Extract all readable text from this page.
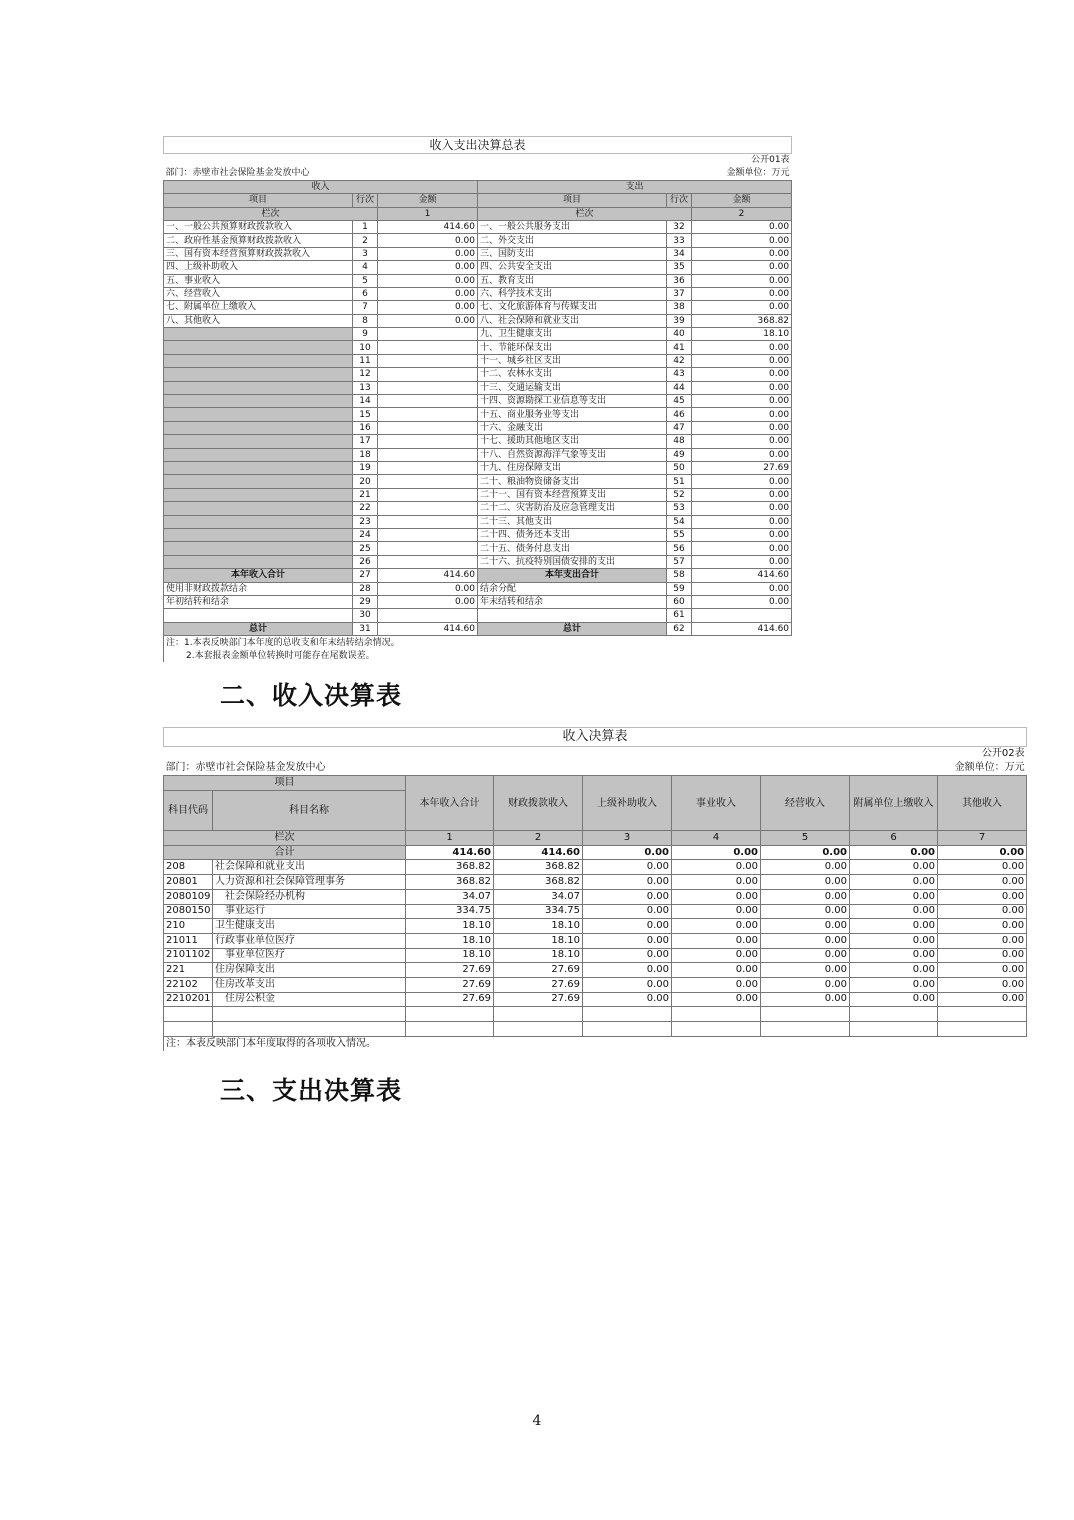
收入支出决算总表					
					公开01表
部门：赤壁市社会保险基金发放中心					金额单位：万元
收入			支出		
项目	行次	金额	项目	行次	金额
栏次		1	栏次		2
一、一般公共预算财政拨款收入	1	414.60	一、一般公共服务支出	32	0.00
二、政府性基金预算财政拨款收入	2	0.00	二、外交支出	33	0.00
三、国有资本经营预算财政拨款收入	3	0.00	三、国防支出	34	0.00
四、上级补助收入	4	0.00	四、公共安全支出	35	0.00
五、事业收入	5	0.00	五、教育支出	36	0.00
六、经营收入	6	0.00	六、科学技术支出	37	0.00
七、附属单位上缴收入	7	0.00	七、文化旅游体育与传媒支出	38	0.00
八、其他收入	8	0.00	八、社会保障和就业支出	39	368.82
	9		九、卫生健康支出	40	18.10
	10		十、节能环保支出	41	0.00
	11		十一、城乡社区支出	42	0.00
	12		十二、农林水支出	43	0.00
	13		十三、交通运输支出	44	0.00
	14		十四、资源勘探工业信息等支出	45	0.00
	15		十五、商业服务业等支出	46	0.00
	16		十六、金融支出	47	0.00
	17		十七、援助其他地区支出	48	0.00
	18		十八、自然资源海洋气象等支出	49	0.00
	19		十九、住房保障支出	50	27.69
	20		二十、粮油物资储备支出	51	0.00
	21		二十一、国有资本经营预算支出	52	0.00
	22		二十二、灾害防治及应急管理支出	53	0.00
	23		二十三、其他支出	54	0.00
	24		二十四、债务还本支出	55	0.00
	25		二十五、债务付息支出	56	0.00
	26		二十六、抗疫特别国债安排的支出	57	0.00
本年收入合计	27	414.60	本年支出合计	58	414.60
使用非财政拨款结余	28	0.00	结余分配	59	0.00
年初结转和结余	29	0.00	年末结转和结余	60	0.00
	30			61	
总计	31	414.60	总计	62	414.60
注：1.本表反映部门本年度的总收支和年末结转结余情况。					
2.本套报表金额单位转换时可能存在尾数误差。					
二、收入决算表
收入决算表								
								公开02表
部门：赤壁市社会保险基金发放中心								金额单位：万元
项目		本年收入合计	财政拨款收入	上级补助收入	事业收入	经营收入	附属单位上缴收入	其他收入
科目代码	科目名称							

栏次		1	2	3	4	5	6	7
合计		414.60	414.60	0.00	0.00	0.00	0.00	0.00
208	社会保障和就业支出	368.82	368.82	0.00	0.00	0.00	0.00	0.00
20801	人力资源和社会保障管理事务	368.82	368.82	0.00	0.00	0.00	0.00	0.00
2080109	社会保险经办机构	34.07	34.07	0.00	0.00	0.00	0.00	0.00
2080150	事业运行	334.75	334.75	0.00	0.00	0.00	0.00	0.00
210	卫生健康支出	18.10	18.10	0.00	0.00	0.00	0.00	0.00
21011	行政事业单位医疗	18.10	18.10	0.00	0.00	0.00	0.00	0.00
2101102	事业单位医疗	18.10	18.10	0.00	0.00	0.00	0.00	0.00
221	住房保障支出	27.69	27.69	0.00	0.00	0.00	0.00	0.00
22102	住房改革支出	27.69	27.69	0.00	0.00	0.00	0.00	0.00
2210201	住房公积金	27.69	27.69	0.00	0.00	0.00	0.00	0.00

注：本表反映部门本年度取得的各项收入情况。								
三、支出决算表
4
